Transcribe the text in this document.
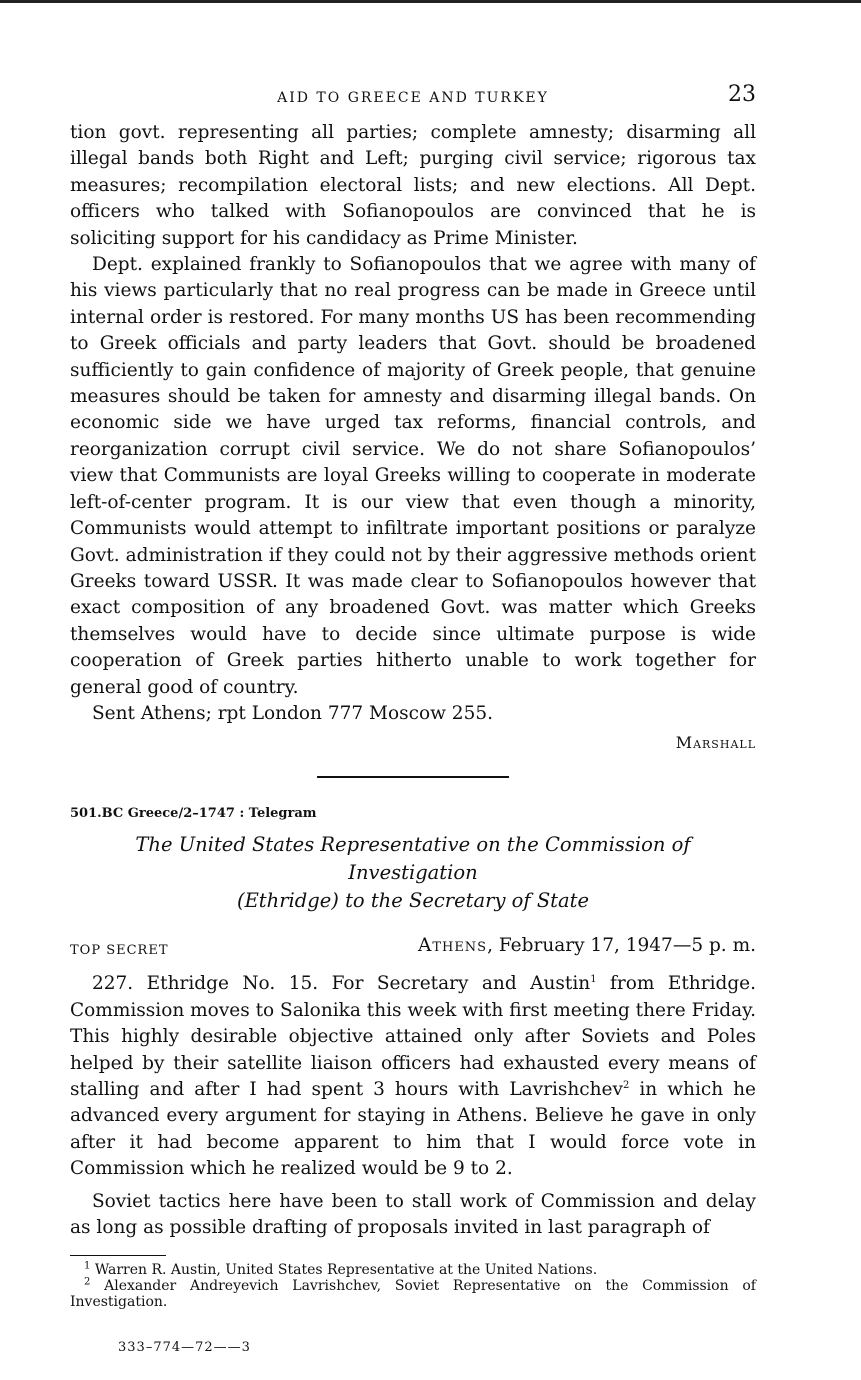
AID TO GREECE AND TURKEY	23

tion govt. representing all parties; complete amnesty; disarming all illegal bands both Right and Left; purging civil service; rigorous tax measures; recompilation electoral lists; and new elections. All Dept. officers who talked with Sofianopoulos are convinced that he is soliciting support for his candidacy as Prime Minister.

Dept. explained frankly to Sofianopoulos that we agree with many of his views particularly that no real progress can be made in Greece until internal order is restored. For many months US has been recommending to Greek officials and party leaders that Govt. should be broadened sufficiently to gain confidence of majority of Greek people, that genuine measures should be taken for amnesty and disarming illegal bands. On economic side we have urged tax reforms, financial controls, and reorganization corrupt civil service. We do not share Sofianopoulos’ view that Communists are loyal Greeks willing to cooperate in moderate left-of-center program. It is our view that even though a minority, Communists would attempt to infiltrate important positions or paralyze Govt. administration if they could not by their aggressive methods orient Greeks toward USSR. It was made clear to Sofianopoulos however that exact composition of any broadened Govt. was matter which Greeks themselves would have to decide since ultimate purpose is wide cooperation of Greek parties hitherto unable to work together for general good of country.

Sent Athens; rpt London 777 Moscow 255.

Marshall
501.BC Greece/2–1747 : Telegram
The United States Representative on the Commission of Investigation
(Ethridge) to the Secretary of State
TOP SECRET	Athens, February 17, 1947—5 p. m.

227. Ethridge No. 15. For Secretary and Austin$^1$ from Ethridge. Commission moves to Salonika this week with first meeting there Friday. This highly desirable objective attained only after Soviets and Poles helped by their satellite liaison officers had exhausted every means of stalling and after I had spent 3 hours with Lavrishchev$^2$ in which he advanced every argument for staying in Athens. Believe he gave in only after it had become apparent to him that I would force vote in Commission which he realized would be 9 to 2.

Soviet tactics here have been to stall work of Commission and delay as long as possible drafting of proposals invited in last paragraph of

$^1$ Warren R. Austin, United States Representative at the United Nations.

$^2$ Alexander Andreyevich Lavrishchev, Soviet Representative on the Commission of Investigation.

333–774—72——3
